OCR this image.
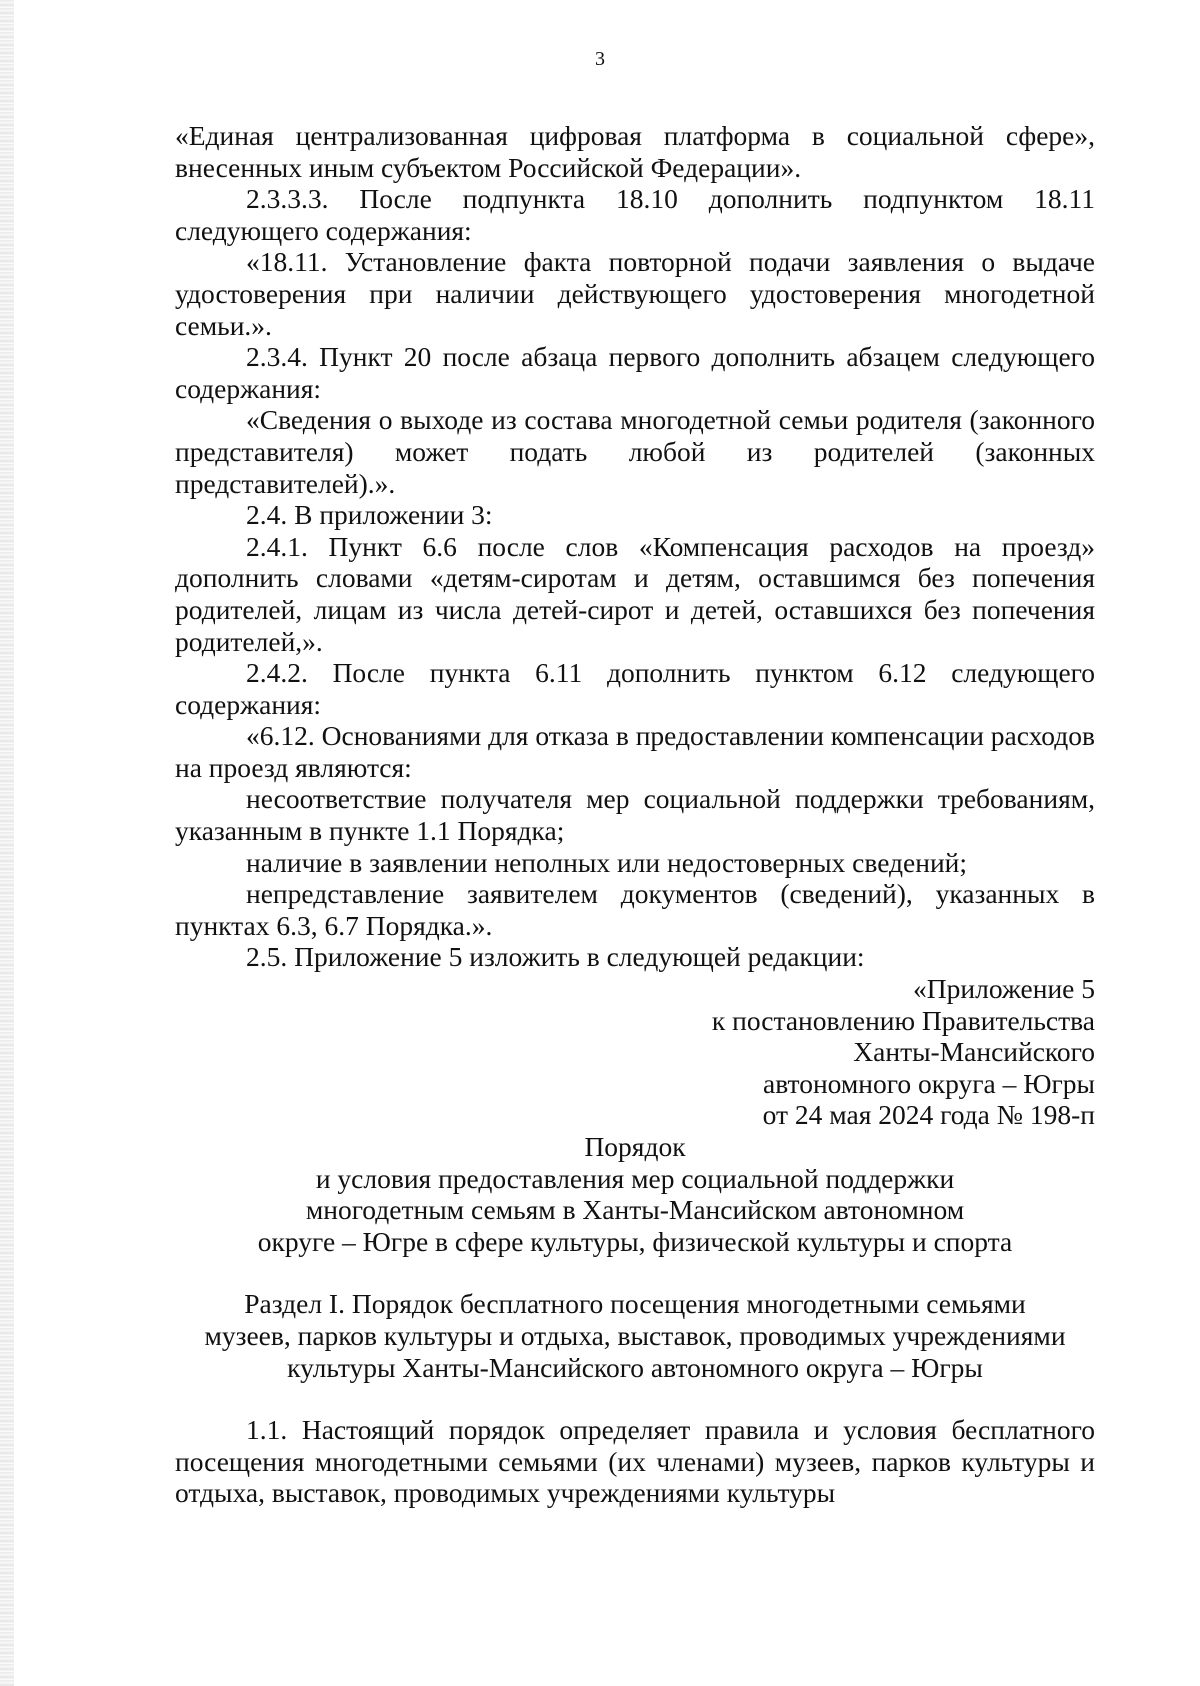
3

«Единая централизованная цифровая платформа в социальной сфере», внесенных иным субъектом Российской Федерации».

2.3.3.3. После подпункта 18.10 дополнить подпунктом 18.11 следующего содержания:

«18.11. Установление факта повторной подачи заявления о выдаче удостоверения при наличии действующего удостоверения многодетной семьи.».

2.3.4. Пункт 20 после абзаца первого дополнить абзацем следующего содержания:

«Сведения о выходе из состава многодетной семьи родителя (законного представителя) может подать любой из родителей (законных представителей).».

2.4. В приложении 3:

2.4.1. Пункт 6.6 после слов «Компенсация расходов на проезд» дополнить словами «детям-сиротам и детям, оставшимся без попечения родителей, лицам из числа детей-сирот и детей, оставшихся без попечения родителей,».

2.4.2. После пункта 6.11 дополнить пунктом 6.12 следующего содержания:

«6.12. Основаниями для отказа в предоставлении компенсации расходов на проезд являются:

несоответствие получателя мер социальной поддержки требованиям, указанным в пункте 1.1 Порядка;

наличие в заявлении неполных или недостоверных сведений;

непредставление заявителем документов (сведений), указанных в пунктах 6.3, 6.7 Порядка.».

2.5. Приложение 5 изложить в следующей редакции:

«Приложение 5
к постановлению Правительства
Ханты-Мансийского
автономного округа – Югры
от 24 мая 2024 года № 198-п
Порядок
и условия предоставления мер социальной поддержки
многодетным семьям в Ханты-Мансийском автономном
округе – Югре в сфере культуры, физической культуры и спорта
Раздел I. Порядок бесплатного посещения многодетными семьями
музеев, парков культуры и отдыха, выставок, проводимых учреждениями
культуры Ханты-Мансийского автономного округа – Югры

1.1. Настоящий порядок определяет правила и условия бесплатного посещения многодетными семьями (их членами) музеев, парков культуры и отдыха, выставок, проводимых учреждениями культуры
